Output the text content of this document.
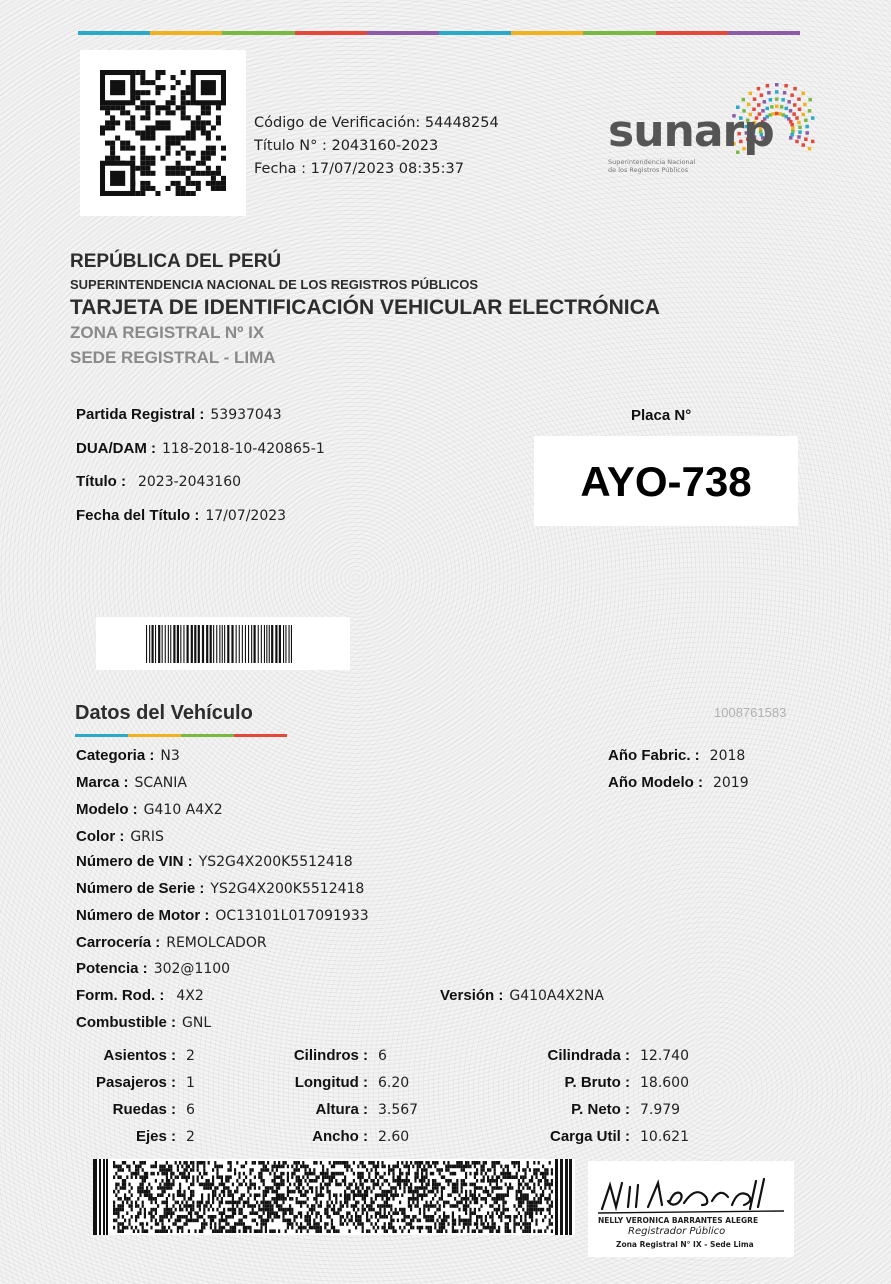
Código de Verificación: 54448254
Título N° : 2043160-2023
Fecha : 17/07/2023 08:35:37
sunarp
Superintendencia Nacional
de los Registros Públicos
REPÚBLICA DEL PERÚ
SUPERINTENDENCIA NACIONAL DE LOS REGISTROS PÚBLICOS
TARJETA DE IDENTIFICACIÓN VEHICULAR ELECTRÓNICA
ZONA REGISTRAL Nº IX
SEDE REGISTRAL - LIMA
Partida Registral : 53937043
DUA/DAM : 118-2018-10-420865-1
Título : 2023-2043160
Fecha del Título : 17/07/2023
Placa N°
AYO-738
Datos del Vehículo	1008761583
Categoria : N3
Marca : SCANIA
Modelo : G410 A4X2
Color : GRIS
Número de VIN : YS2G4X200K5512418
Número de Serie : YS2G4X200K5512418
Número de Motor : OC13101L017091933
Carrocería : REMOLCADOR
Potencia : 302@1100
Form. Rod. : 4X2
Combustible : GNL
Versión : G410A4X2NA
Año Fabric. : 2018
Año Modelo : 2019
Asientos : 2
Pasajeros : 1
Ruedas : 6
Ejes : 2
Cilindros : 6
Longitud : 6.20
Altura : 3.567
Ancho : 2.60
Cilindrada : 12.740
P. Bruto : 18.600
P. Neto : 7.979
Carga Util : 10.621
NELLY VERONICA BARRANTES ALEGRE
Registrador Público
Zona Registral N° IX - Sede Lima
